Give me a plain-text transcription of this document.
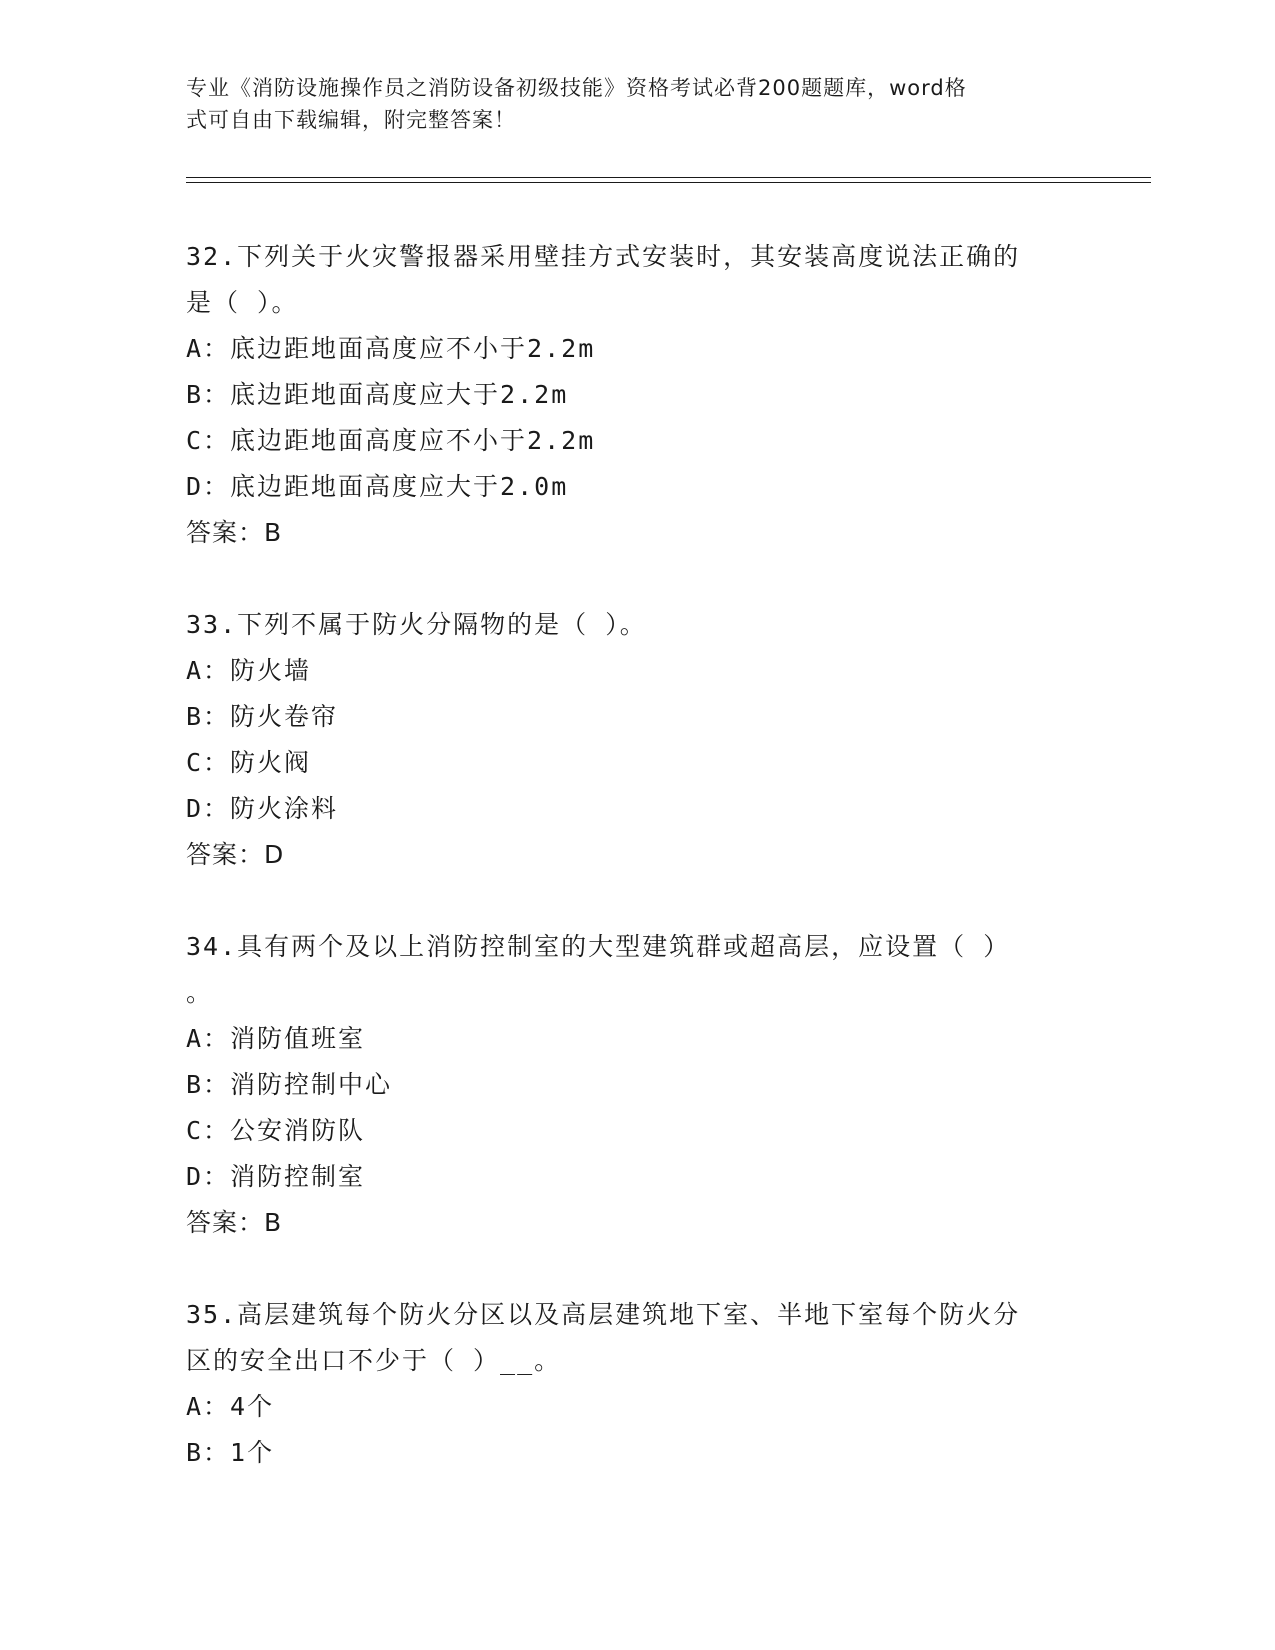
专业《消防设施操作员之消防设备初级技能》资格考试必背200题题库，word格
式可自由下载编辑，附完整答案！
32.下列关于火灾警报器采用壁挂方式安装时，其安装高度说法正确的
是（ ）。
A：底边距地面高度应不小于2.2m
B：底边距地面高度应大于2.2m
C：底边距地面高度应不小于2.2m
D：底边距地面高度应大于2.0m
答案：B
33.下列不属于防火分隔物的是（ ）。
A：防火墙
B：防火卷帘
C：防火阀
D：防火涂料
答案：D
34.具有两个及以上消防控制室的大型建筑群或超高层，应设置（ ）
。
A：消防值班室
B：消防控制中心
C：公安消防队
D：消防控制室
答案：B
35.高层建筑每个防火分区以及高层建筑地下室、半地下室每个防火分
区的安全出口不少于（ ）__。
A：4个
B：1个
